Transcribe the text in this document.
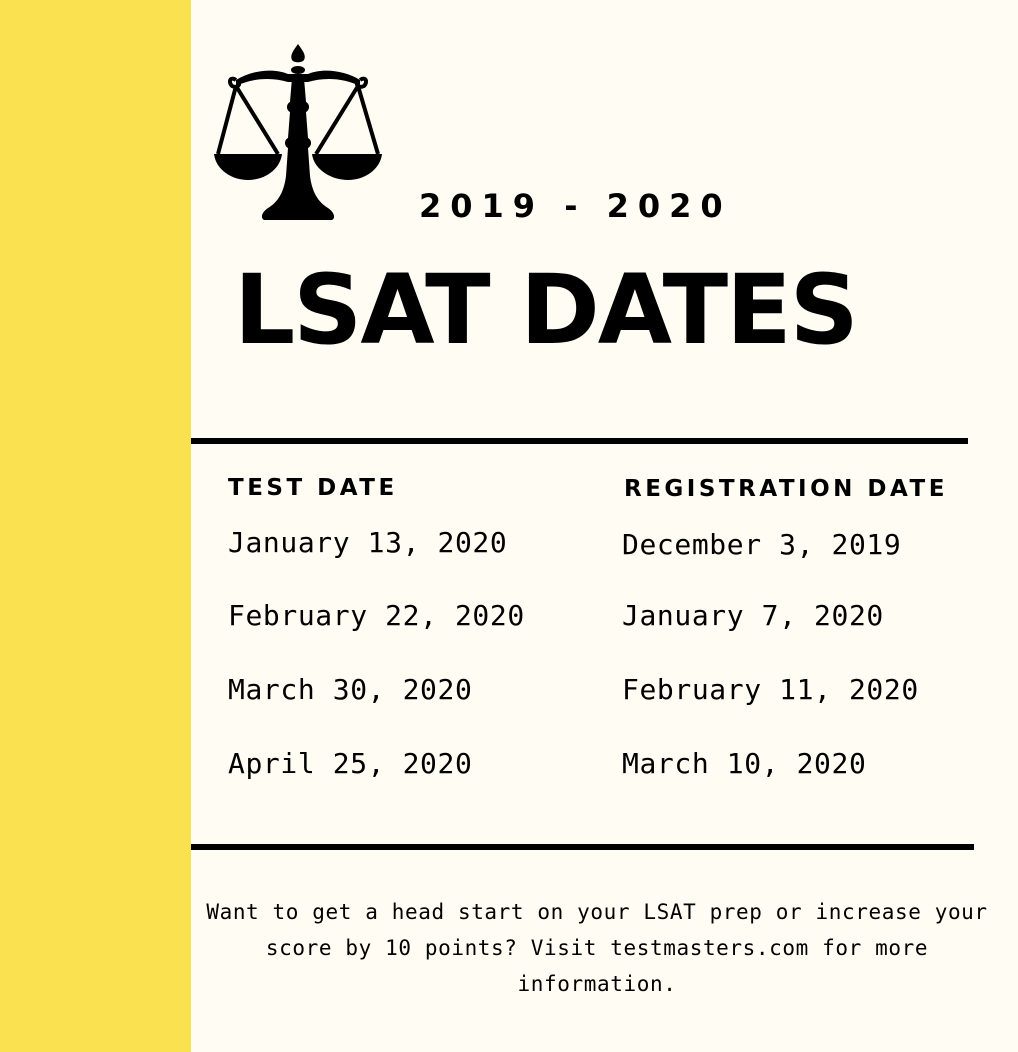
2019 - 2020
LSAT DATES
TEST DATE	REGISTRATION DATE
January 13, 2020	December 3, 2019
February 22, 2020	January 7, 2020
March 30, 2020	February 11, 2020
April 25, 2020	March 10, 2020
Want to get a head start on your LSAT prep or increase your score by 10 points? Visit testmasters.com for more information.
